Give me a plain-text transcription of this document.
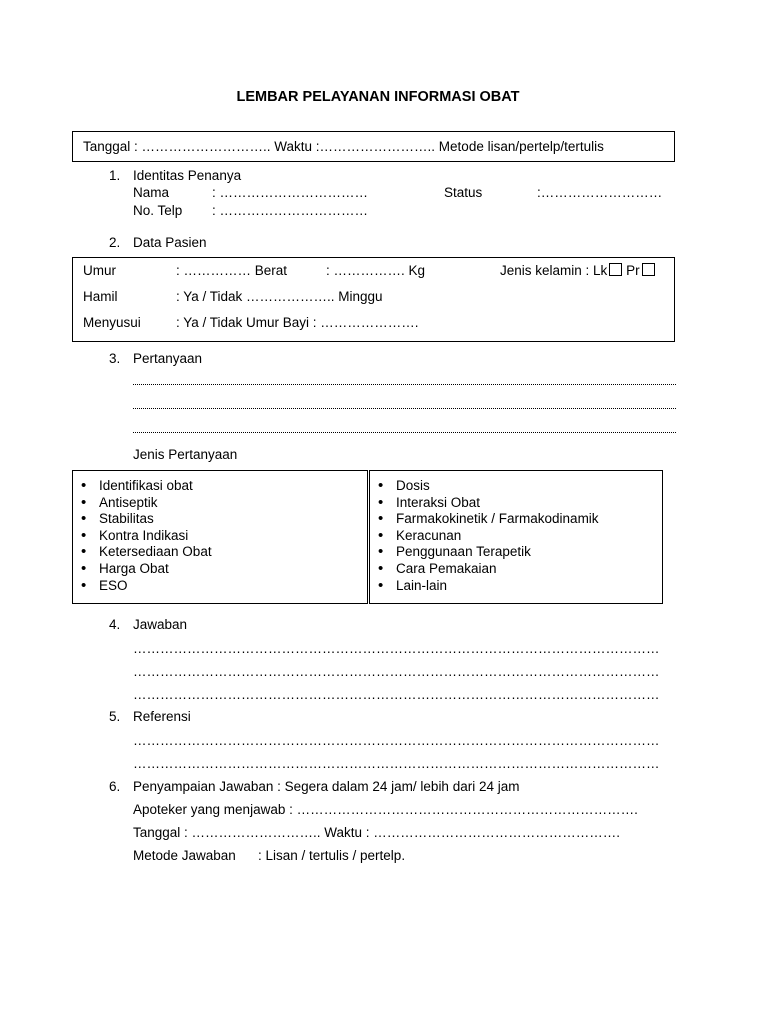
LEMBAR PELAYANAN INFORMASI OBAT
Tanggal : ……………………….. Waktu :…………………….. Metode lisan/pertelp/tertulis
1. Identitas Penanya
Nama	: ……………………………	Status	:………………………
No. Telp : ……………………………
2. Data Pasien
Umur	: …………… Berat	: ……………. Kg	Jenis kelamin : Lk Pr
Hamil	: Ya / Tidak ……………….. Minggu
Menyusui	: Ya / Tidak Umur Bayi : ………………….
3. Pertanyaan
Jenis Pertanyaan
• Identifikasi obat
• Antiseptik
• Stabilitas
• Kontra Indikasi
• Ketersediaan Obat
• Harga Obat
• ESO
• Dosis
• Interaksi Obat
• Farmakokinetik / Farmakodinamik
• Keracunan
• Penggunaan Terapetik
• Cara Pemakaian
• Lain-lain
4. Jawaban
………………………………………………………………………………………………………
………………………………………………………………………………………………………
………………………………………………………………………………………………………
5. Referensi
………………………………………………………………………………………………………
………………………………………………………………………………………………………
6. Penyampaian Jawaban : Segera dalam 24 jam/ lebih dari 24 jam
Apoteker yang menjawab : ………………………………………………………………….
Tanggal : ……………………….. Waktu : ……………………………………………….
Metode Jawaban : Lisan / tertulis / pertelp.
